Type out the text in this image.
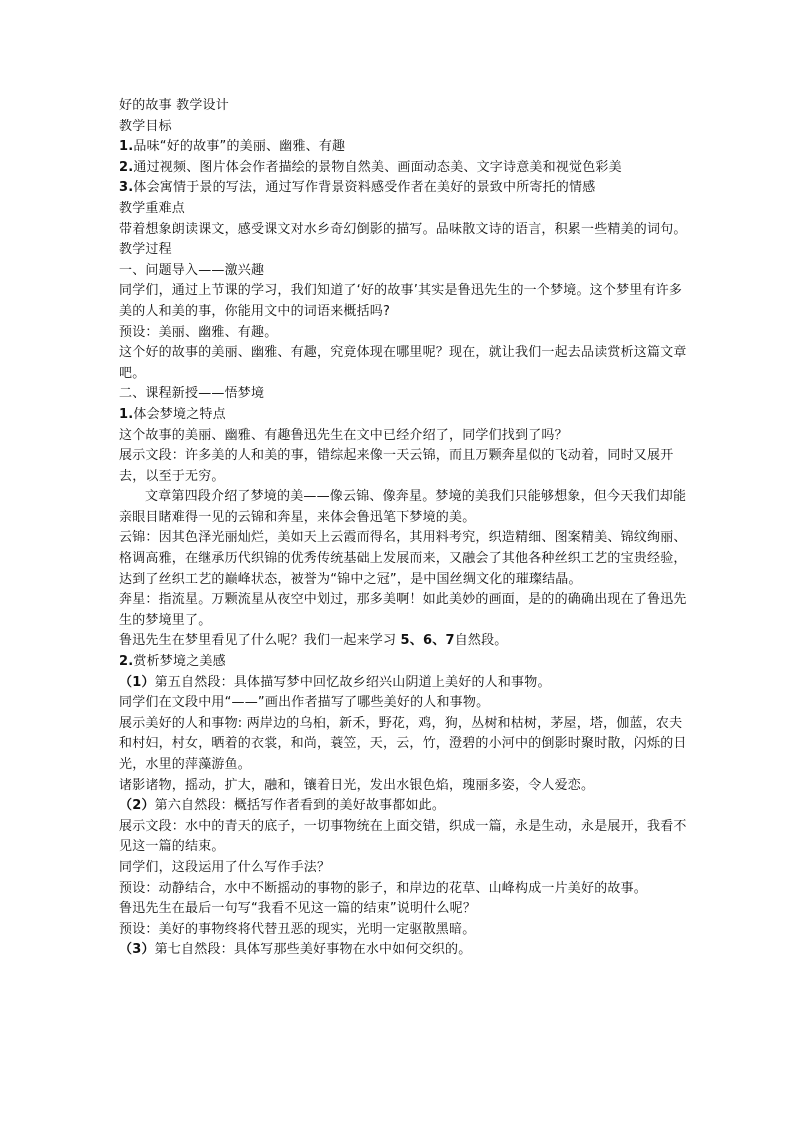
好的故事 教学设计

教学目标

1.品味“好的故事”的美丽、幽雅、有趣

2.通过视频、图片体会作者描绘的景物自然美、画面动态美、文字诗意美和视觉色彩美

3.体会寓情于景的写法，通过写作背景资料感受作者在美好的景致中所寄托的情感

教学重难点

带着想象朗读课文，感受课文对水乡奇幻倒影的描写。品味散文诗的语言，积累一些精美的词句。

教学过程

一、问题导入——激兴趣

同学们，通过上节课的学习，我们知道了‘好的故事’其实是鲁迅先生的一个梦境。这个梦里有许多美的人和美的事，你能用文中的词语来概括吗?

预设：美丽、幽雅、有趣。

这个好的故事的美丽、幽雅、有趣，究竟体现在哪里呢？现在，就让我们一起去品读赏析这篇文章吧。

二、课程新授——悟梦境

1.体会梦境之特点

这个故事的美丽、幽雅、有趣鲁迅先生在文中已经介绍了，同学们找到了吗？

展示文段：许多美的人和美的事，错综起来像一天云锦，而且万颗奔星似的飞动着，同时又展开去，以至于无穷。

文章第四段介绍了梦境的美——像云锦、像奔星。梦境的美我们只能够想象，但今天我们却能亲眼目睹难得一见的云锦和奔星，来体会鲁迅笔下梦境的美。

云锦：因其色泽光丽灿烂，美如天上云霞而得名，其用料考究，织造精细、图案精美、锦纹绚丽、格调高雅，在继承历代织锦的优秀传统基础上发展而来，又融会了其他各种丝织工艺的宝贵经验，达到了丝织工艺的巅峰状态，被誉为“锦中之冠”，是中国丝绸文化的璀璨结晶。

奔星：指流星。万颗流星从夜空中划过，那多美啊！如此美妙的画面，是的的确确出现在了鲁迅先生的梦境里了。

鲁迅先生在梦里看见了什么呢？我们一起来学习 5、6、7自然段。

2.赏析梦境之美感

（1）第五自然段：具体描写梦中回忆故乡绍兴山阴道上美好的人和事物。

同学们在文段中用“——”画出作者描写了哪些美好的人和事物。

展示美好的人和事物: 两岸边的乌桕，新禾，野花，鸡，狗，丛树和枯树，茅屋，塔，伽蓝，农夫和村妇，村女，晒着的衣裳，和尚，蓑笠，天，云，竹，澄碧的小河中的倒影时聚时散，闪烁的日光，水里的萍藻游鱼。

诸影诸物，摇动，扩大，融和，镶着日光，发出水银色焰，瑰丽多姿，令人爱恋。

（2）第六自然段：概括写作者看到的美好故事都如此。

展示文段：水中的青天的底子，一切事物统在上面交错，织成一篇，永是生动，永是展开，我看不见这一篇的结束。

同学们，这段运用了什么写作手法？

预设：动静结合，水中不断摇动的事物的影子，和岸边的花草、山峰构成一片美好的故事。

鲁迅先生在最后一句写“我看不见这一篇的结束”说明什么呢？

预设：美好的事物终将代替丑恶的现实，光明一定驱散黑暗。

（3）第七自然段：具体写那些美好事物在水中如何交织的。
